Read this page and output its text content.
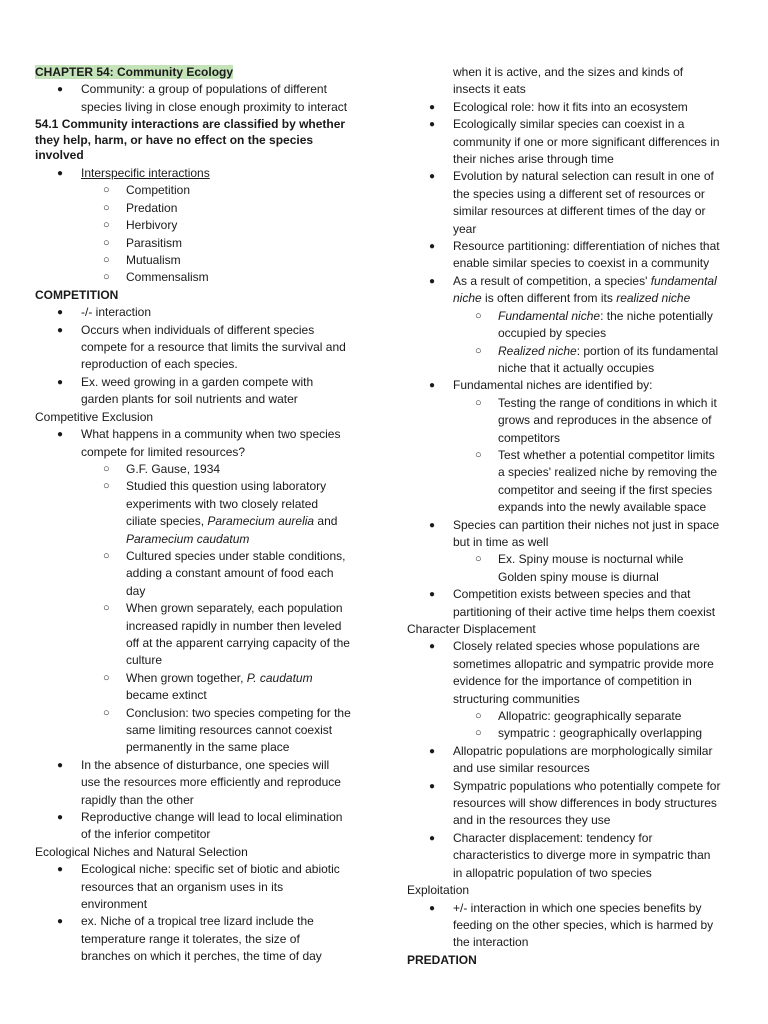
CHAPTER 54: Community Ecology
● Community: a group of populations of different
species living in close enough proximity to interact
54.1 Community interactions are classified by whether
they help, harm, or have no effect on the species
involved
● Interspecific interactions
○ Competition
○ Predation
○ Herbivory
○ Parasitism
○ Mutualism
○ Commensalism
COMPETITION
● -/- interaction
● Occurs when individuals of different species
compete for a resource that limits the survival and
reproduction of each species.
● Ex. weed growing in a garden compete with
garden plants for soil nutrients and water
Competitive Exclusion
● What happens in a community when two species
compete for limited resources?
○ G.F. Gause, 1934
○ Studied this question using laboratory
experiments with two closely related
ciliate species, Paramecium aurelia and
Paramecium caudatum
○ Cultured species under stable conditions,
adding a constant amount of food each
day
○ When grown separately, each population
increased rapidly in number then leveled
off at the apparent carrying capacity of the
culture
○ When grown together, P. caudatum
became extinct
○ Conclusion: two species competing for the
same limiting resources cannot coexist
permanently in the same place
● In the absence of disturbance, one species will
use the resources more efficiently and reproduce
rapidly than the other
● Reproductive change will lead to local elimination
of the inferior competitor
Ecological Niches and Natural Selection
● Ecological niche: specific set of biotic and abiotic
resources that an organism uses in its
environment
● ex. Niche of a tropical tree lizard include the
temperature range it tolerates, the size of
branches on which it perches, the time of day
when it is active, and the sizes and kinds of
insects it eats
● Ecological role: how it fits into an ecosystem
● Ecologically similar species can coexist in a
community if one or more significant differences in
their niches arise through time
● Evolution by natural selection can result in one of
the species using a different set of resources or
similar resources at different times of the day or
year
● Resource partitioning: differentiation of niches that
enable similar species to coexist in a community
● As a result of competition, a species' fundamental
niche is often different from its realized niche
○ Fundamental niche: the niche potentially
occupied by species
○ Realized niche: portion of its fundamental
niche that it actually occupies
● Fundamental niches are identified by:
○ Testing the range of conditions in which it
grows and reproduces in the absence of
competitors
○ Test whether a potential competitor limits
a species' realized niche by removing the
competitor and seeing if the first species
expands into the newly available space
● Species can partition their niches not just in space
but in time as well
○ Ex. Spiny mouse is nocturnal while
Golden spiny mouse is diurnal
● Competition exists between species and that
partitioning of their active time helps them coexist
Character Displacement
● Closely related species whose populations are
sometimes allopatric and sympatric provide more
evidence for the importance of competition in
structuring communities
○ Allopatric: geographically separate
○ sympatric : geographically overlapping
● Allopatric populations are morphologically similar
and use similar resources
● Sympatric populations who potentially compete for
resources will show differences in body structures
and in the resources they use
● Character displacement: tendency for
characteristics to diverge more in sympatric than
in allopatric population of two species
Exploitation
● +/- interaction in which one species benefits by
feeding on the other species, which is harmed by
the interaction
PREDATION
